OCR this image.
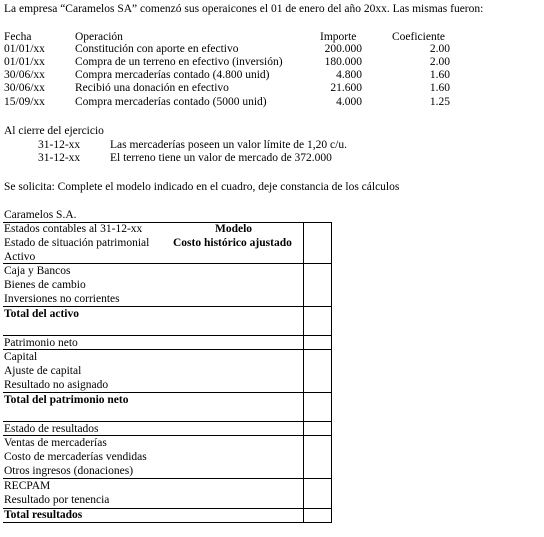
La empresa “Caramelos SA” comenzó sus operaicones el 01 de enero del año 20xx. Las mismas fueron:
Fecha	Operación	Importe	Coeficiente
01/01/xx	Constitución con aporte en efectivo	200.000	2.00
01/01/xx	Compra de un terreno en efectivo (inversión)	180.000	2.00
30/06/xx	Compra mercaderías contado (4.800 unid)	4.800	1.60
30/06/xx	Recibió una donación en efectivo	21.600	1.60
15/09/xx	Compra mercaderías contado (5000 unid)	4.000	1.25
Al cierre del ejercicio
31-12-xx	Las mercaderías poseen un valor límite de 1,20 c/u.
31-12-xx	El terreno tiene un valor de mercado de 372.000
Se solicita: Complete el modelo indicado en el cuadro, deje constancia de los cálculos
Caramelos S.A.
Estados contables al 31-12-xx
Estado de situación patrimonial
Activo
Modelo
Costo histórico ajustado
Caja y Bancos
Bienes de cambio
Inversiones no corrientes
Total del activo
Patrimonio neto
Capital
Ajuste de capital
Resultado no asignado
Total del patrimonio neto
Estado de resultados
Ventas de mercaderías
Costo de mercaderías vendidas
Otros ingresos (donaciones)
RECPAM
Resultado por tenencia
Total resultados
